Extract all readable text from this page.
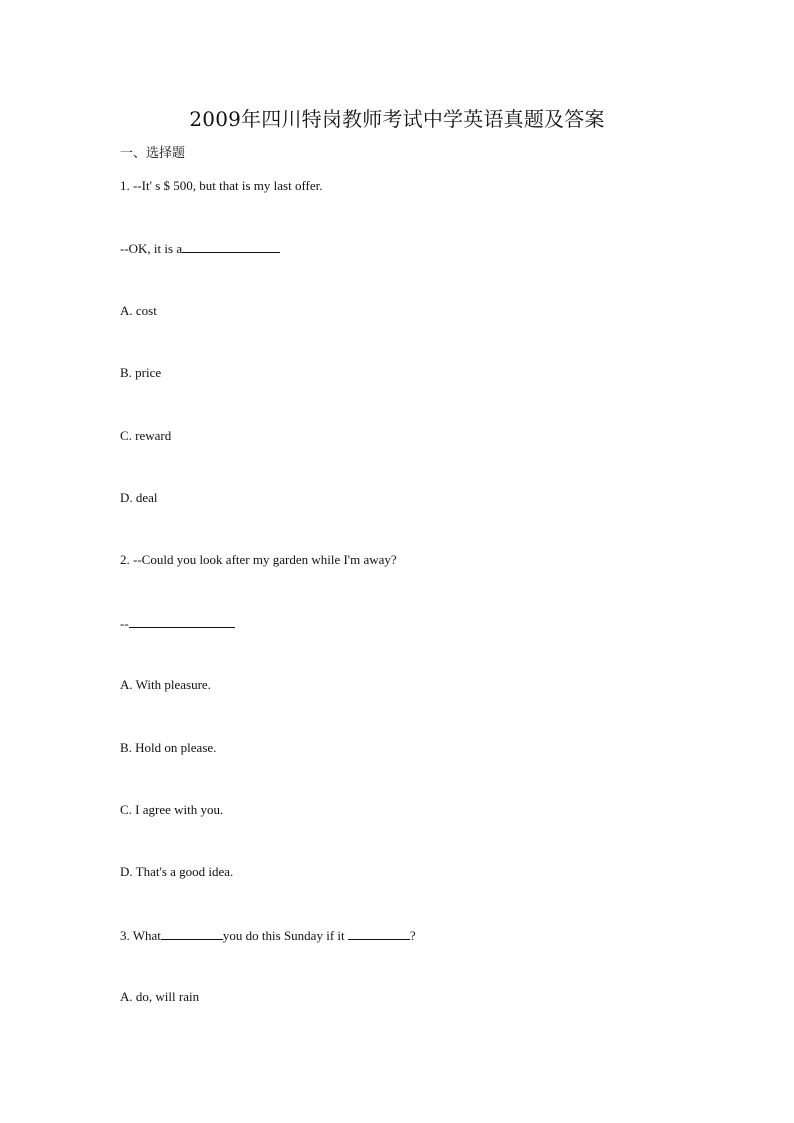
2009年四川特岗教师考试中学英语真题及答案
一、选择题
1. --It' s $ 500, but that is my last offer.
--OK, it is a
A. cost
B. price
C. reward
D. deal
2. --Could you look after my garden while I'm away?
--
A. With pleasure.
B. Hold on please.
C. I agree with you.
D. That's a good idea.
3. What	you do this Sunday if it	?
A. do, will rain
